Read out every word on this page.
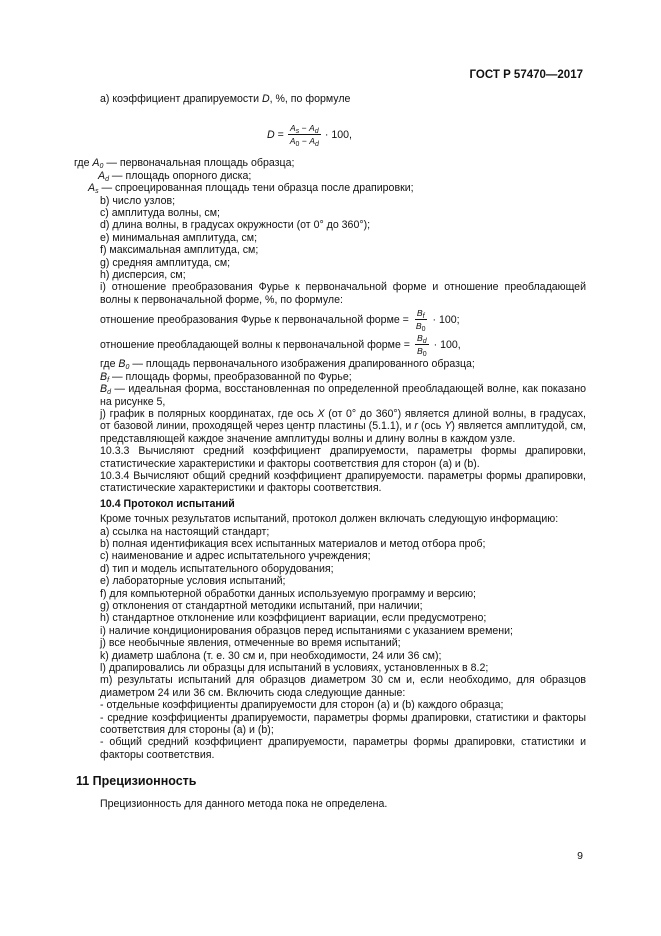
ГОСТ Р 57470—2017

a) коэффициент драпируемости D, %, по формуле

$D = \frac{A_s - A_d}{A_0 - A_d} \cdot 100$,

где $A_0$ — первоначальная площадь образца;

$A_d$ — площадь опорного диска;

$A_s$ — спроецированная площадь тени образца после драпировки;

b) число узлов;

c) амплитуда волны, см;

d) длина волны, в градусах окружности (от 0° до 360°);

e) минимальная амплитуда, см;

f) максимальная амплитуда, см;

g) средняя амплитуда, см;

h) дисперсия, см;

i) отношение преобразования Фурье к первоначальной форме и отношение преобладающей волны к первоначальной форме, %, по формуле:

отношение преобразования Фурье к первоначальной форме = $\frac{B_f}{B_0} \cdot 100$;
отношение преобладающей волны к первоначальной форме = $\frac{B_d}{B_0} \cdot 100$,

где $B_0$ — площадь первоначального изображения драпированного образца;

$B_f$ — площадь формы, преобразованной по Фурье;

$B_d$ — идеальная форма, восстановленная по определенной преобладающей волне, как показано на рисунке 5,

j) график в полярных координатах, где ось X (от 0° до 360°) является длиной волны, в градусах, от базовой линии, проходящей через центр пластины (5.1.1), и r (ось Y) является амплитудой, см, представляющей каждое значение амплитуды волны и длину волны в каждом узле.

10.3.3 Вычисляют средний коэффициент драпируемости, параметры формы драпировки, статистические характеристики и факторы соответствия для сторон (a) и (b).

10.3.4 Вычисляют общий средний коэффициент драпируемости. параметры формы драпировки, статистические характеристики и факторы соответствия.

10.4 Протокол испытаний

Кроме точных результатов испытаний, протокол должен включать следующую информацию:

a) ссылка на настоящий стандарт;

b) полная идентификация всех испытанных материалов и метод отбора проб;

c) наименование и адрес испытательного учреждения;

d) тип и модель испытательного оборудования;

e) лабораторные условия испытаний;

f) для компьютерной обработки данных используемую программу и версию;

g) отклонения от стандартной методики испытаний, при наличии;

h) стандартное отклонение или коэффициент вариации, если предусмотрено;

i) наличие кондиционирования образцов перед испытаниями с указанием времени;

j) все необычные явления, отмеченные во время испытаний;

k) диаметр шаблона (т. е. 30 см и, при необходимости, 24 или 36 см);

l) драпировались ли образцы для испытаний в условиях, установленных в 8.2;

m) результаты испытаний для образцов диаметром 30 см и, если необходимо, для образцов диаметром 24 или 36 см. Включить сюда следующие данные:

- отдельные коэффициенты драпируемости для сторон (a) и (b) каждого образца;

- средние коэффициенты драпируемости, параметры формы драпировки, статистики и факторы соответствия для стороны (a) и (b);

- общий средний коэффициент драпируемости, параметры формы драпировки, статистики и факторы соответствия.

11 Прецизионность

Прецизионность для данного метода пока не определена.

9
